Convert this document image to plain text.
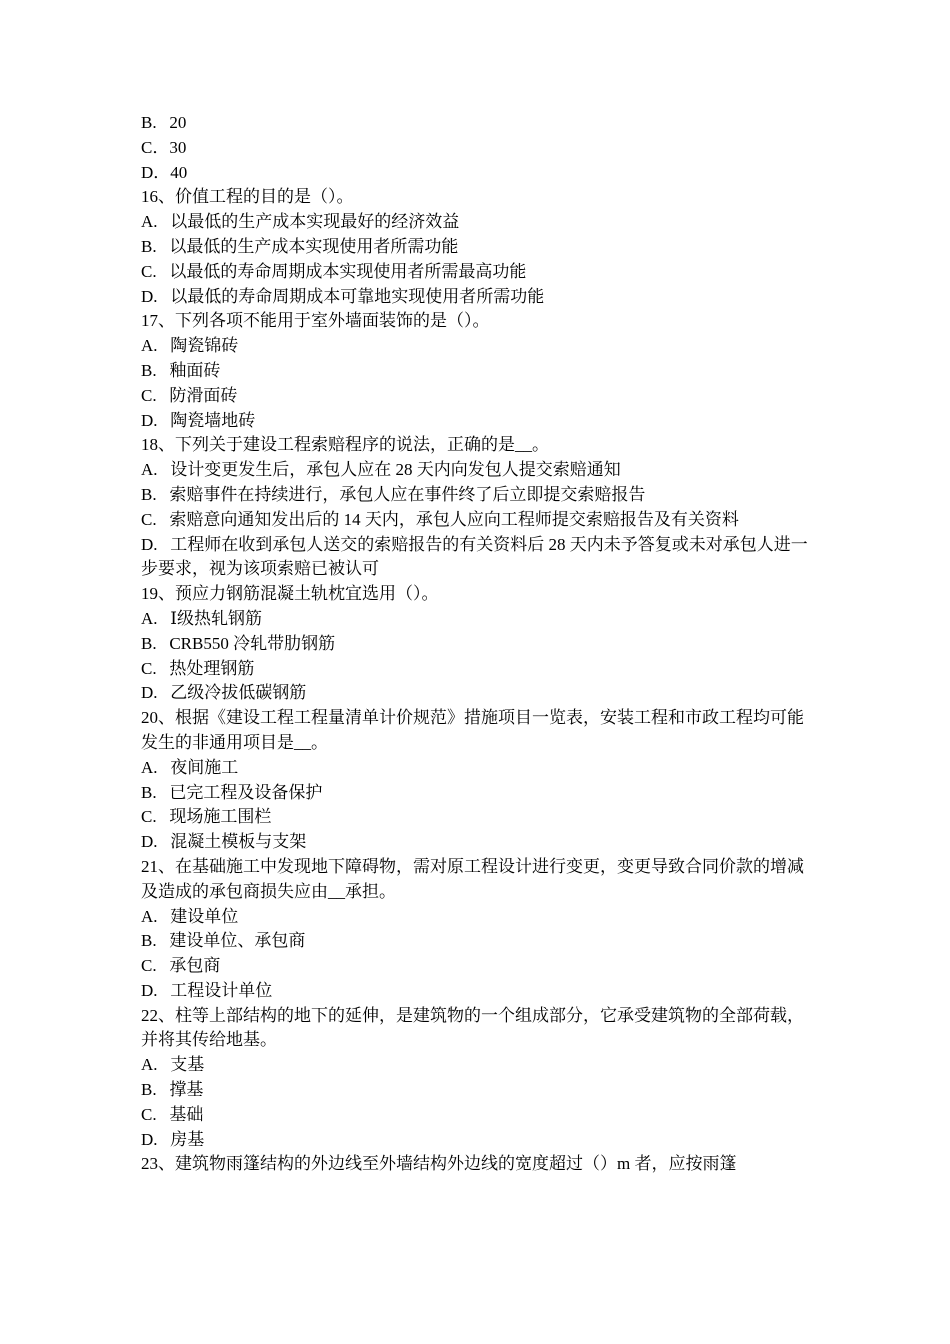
B.   20

C．30

D．40

16、价值工程的目的是（）。

A.   以最低的生产成本实现最好的经济效益

B.   以最低的生产成本实现使用者所需功能

C.   以最低的寿命周期成本实现使用者所需最高功能

D.   以最低的寿命周期成本可靠地实现使用者所需功能

17、下列各项不能用于室外墙面装饰的是（）。

A.   陶瓷锦砖

B.   釉面砖

C.   防滑面砖

D.   陶瓷墙地砖

18、下列关于建设工程索赔程序的说法，正确的是__。

A.   设计变更发生后，承包人应在 28 天内向发包人提交索赔通知

B.   索赔事件在持续进行，承包人应在事件终了后立即提交索赔报告

C.   索赔意向通知发出后的 14 天内，承包人应向工程师提交索赔报告及有关资料

D.   工程师在收到承包人送交的索赔报告的有关资料后 28 天内未予答复或未对承包人进一步要求，视为该项索赔已被认可

19、预应力钢筋混凝土轨枕宜选用（）。

A.   Ⅰ级热轧钢筋

B.   CRB550 冷轧带肋钢筋

C.   热处理钢筋

D.   乙级冷拔低碳钢筋

20、根据《建设工程工程量清单计价规范》措施项目一览表，安装工程和市政工程均可能发生的非通用项目是__。

A.   夜间施工

B.   已完工程及设备保护

C.   现场施工围栏

D.   混凝土模板与支架

21、在基础施工中发现地下障碍物，需对原工程设计进行变更，变更导致合同价款的增减及造成的承包商损失应由__承担。

A.   建设单位

B.   建设单位、承包商

C.   承包商

D.   工程设计单位

22、柱等上部结构的地下的延伸，是建筑物的一个组成部分，它承受建筑物的全部荷载，并将其传给地基。

A.   支基

B.   撑基

C.   基础

D.   房基

23、建筑物雨篷结构的外边线至外墙结构外边线的宽度超过（）m 者，应按雨篷
